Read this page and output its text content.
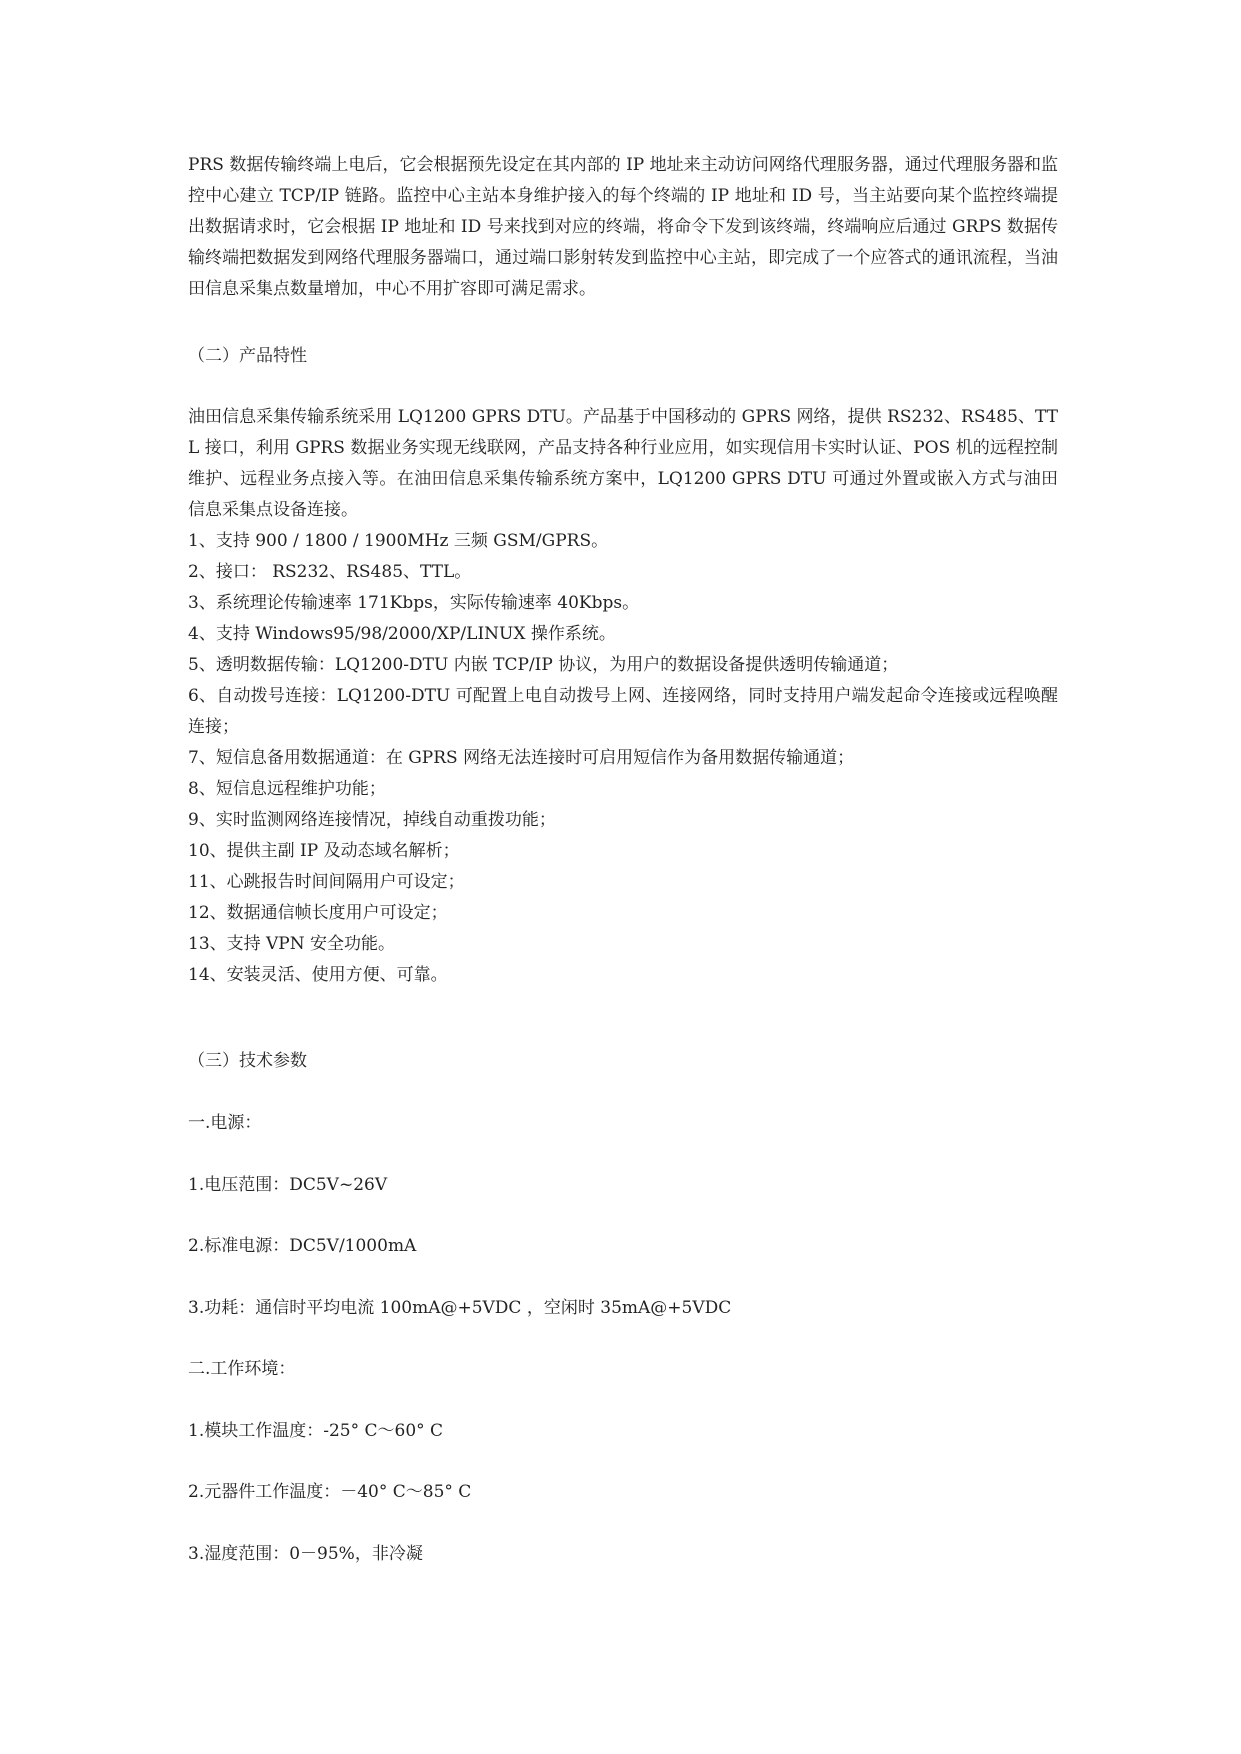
PRS 数据传输终端上电后，它会根据预先设定在其内部的 IP 地址来主动访问网络代理服务器，通过代理服务器和监控中心建立 TCP/IP 链路。监控中心主站本身维护接入的每个终端的 IP 地址和 ID 号，当主站要向某个监控终端提出数据请求时，它会根据 IP 地址和 ID 号来找到对应的终端，将命令下发到该终端，终端响应后通过 GRPS 数据传输终端把数据发到网络代理服务器端口，通过端口影射转发到监控中心主站，即完成了一个应答式的通讯流程，当油田信息采集点数量增加，中心不用扩容即可满足需求。

（二）产品特性

油田信息采集传输系统采用 LQ1200 GPRS DTU。产品基于中国移动的 GPRS 网络，提供 RS232、RS485、TTL 接口，利用 GPRS 数据业务实现无线联网，产品支持各种行业应用，如实现信用卡实时认证、POS 机的远程控制维护、远程业务点接入等。在油田信息采集传输系统方案中，LQ1200 GPRS DTU 可通过外置或嵌入方式与油田信息采集点设备连接。

1、支持 900 / 1800 / 1900MHz 三频 GSM/GPRS。

2、接口： RS232、RS485、TTL。

3、系统理论传输速率 171Kbps，实际传输速率 40Kbps。

4、支持 Windows95/98/2000/XP/LINUX 操作系统。

5、透明数据传输：LQ1200-DTU 内嵌 TCP/IP 协议，为用户的数据设备提供透明传输通道；

6、自动拨号连接：LQ1200-DTU 可配置上电自动拨号上网、连接网络，同时支持用户端发起命令连接或远程唤醒连接；

7、短信息备用数据通道：在 GPRS 网络无法连接时可启用短信作为备用数据传输通道；

8、短信息远程维护功能；

9、实时监测网络连接情况，掉线自动重拨功能；

10、提供主副 IP 及动态域名解析；

11、心跳报告时间间隔用户可设定；

12、数据通信帧长度用户可设定；

13、支持 VPN 安全功能。

14、安装灵活、使用方便、可靠。

（三）技术参数

一.电源：

1.电压范围：DC5V~26V

2.标准电源：DC5V/1000mA

3.功耗：通信时平均电流 100mA@+5VDC ，空闲时 35mA@+5VDC

二.工作环境：

1.模块工作温度：-25° C～60° C

2.元器件工作温度：－40° C～85° C

3.湿度范围：0－95%，非冷凝
